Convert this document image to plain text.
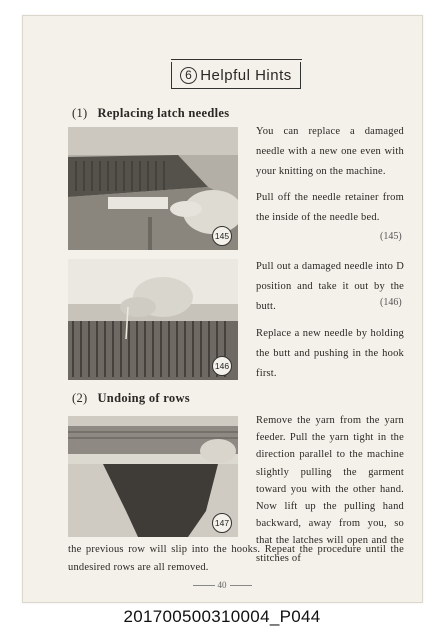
6 Helpful Hints
(1) Replacing latch needles
145

You can replace a damaged needle with a new one even with your knitting on the machine.

Pull off the needle retainer from the inside of the needle bed.

(145)
146

Pull out a damaged needle into D position and take it out by the butt.	(146)

Replace a new needle by holding the butt and pushing in the hook first.

(2) Undoing of rows
147

Remove the yarn from the yarn feeder. Pull the yarn tight in the direction parallel to the machine slightly pulling the garment toward you with the other hand. Now lift up the pulling hand backward, away from you, so that the latches will open and the stitches of

the previous row will slip into the hooks. Repeat the procedure until the undesired rows are all removed.

40
201700500310004_P044
